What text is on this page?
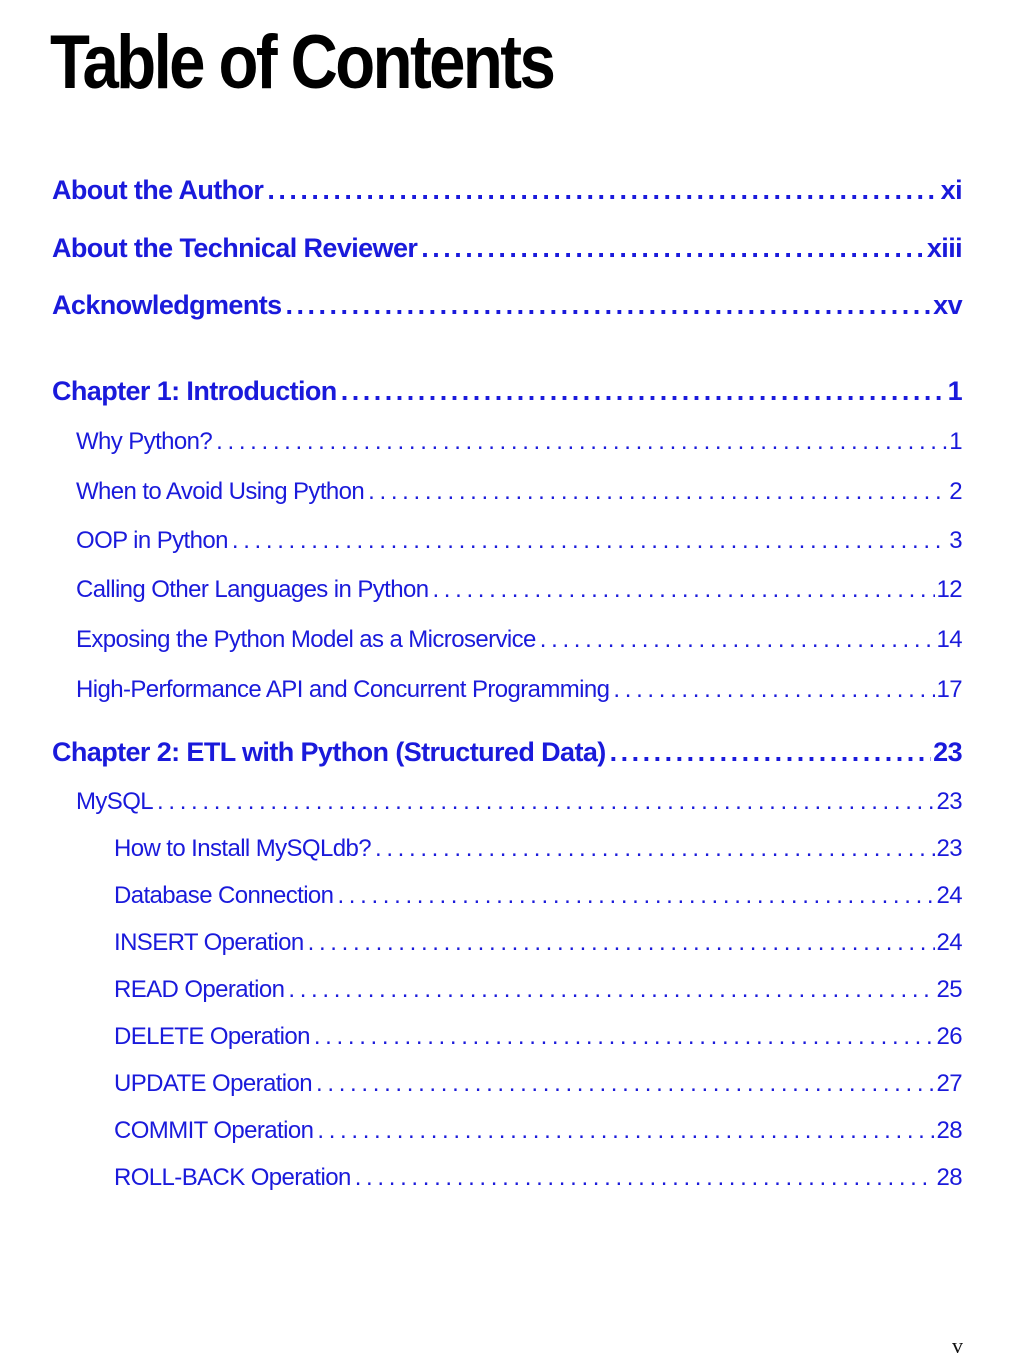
Table of Contents
About the Author . . .	xi
About the Technical Reviewer . . .	xiii
Acknowledgments . . .	xv
Chapter 1: Introduction . . .	1
Why Python? . . .	1
When to Avoid Using Python . . .	2
OOP in Python . . .	3
Calling Other Languages in Python . . .	12
Exposing the Python Model as a Microservice . . .	14
High-Performance API and Concurrent Programming . . .	17
Chapter 2: ETL with Python (Structured Data) . . .	23
MySQL . . .	23
How to Install MySQLdb? . . .	23
Database Connection . . .	24
INSERT Operation . . .	24
READ Operation . . .	25
DELETE Operation . . .	26
UPDATE Operation . . .	27
COMMIT Operation . . .	28
ROLL-BACK Operation . . .	28
v
